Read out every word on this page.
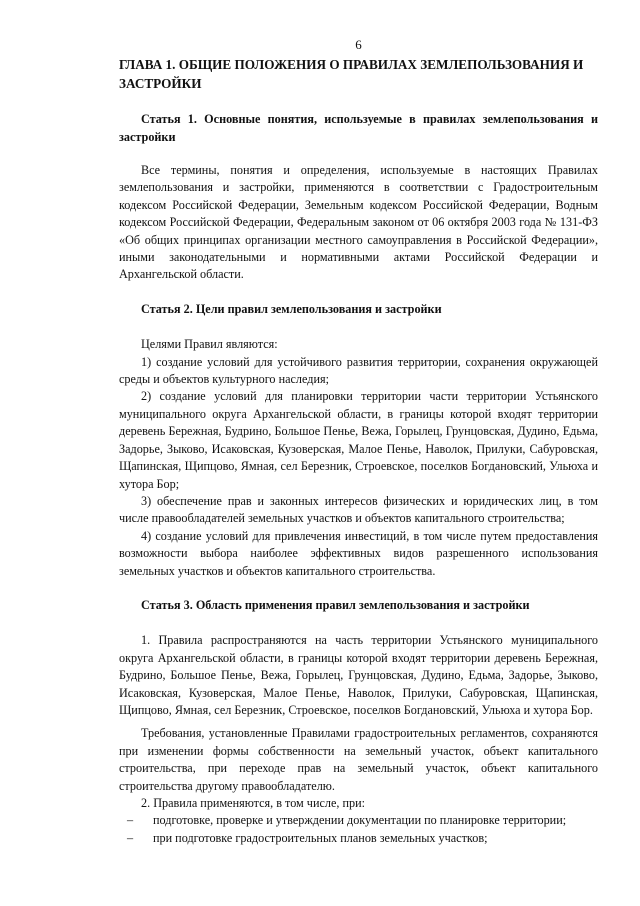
6
ГЛАВА 1. ОБЩИЕ ПОЛОЖЕНИЯ О ПРАВИЛАХ ЗЕМЛЕПОЛЬЗОВАНИЯ И ЗАСТРОЙКИ
Статья 1. Основные понятия, используемые в правилах землепользования и застройки

Все термины, понятия и определения, используемые в настоящих Правилах землепользования и застройки, применяются в соответствии с Градостроительным кодексом Российской Федерации, Земельным кодексом Российской Федерации, Водным кодексом Российской Федерации, Федеральным законом от 06 октября 2003 года № 131-ФЗ «Об общих принципах организации местного самоуправления в Российской Федерации», иными законодательными и нормативными актами Российской Федерации и Архангельской области.

Статья 2. Цели правил землепользования и застройки

Целями Правил являются:

1) создание условий для устойчивого развития территории, сохранения окружающей среды и объектов культурного наследия;

2) создание условий для планировки территории части территории Устьянского муниципального округа Архангельской области, в границы которой входят территории деревень Бережная, Будрино, Большое Пенье, Вежа, Горылец, Грунцовская, Дудино, Едьма, Задорье, Зыково, Исаковская, Кузоверская, Малое Пенье, Наволок, Прилуки, Сабуровская, Щапинская, Щипцово, Ямная, сел Березник, Строевское, поселков Богдановский, Ульюха и хутора Бор;

3) обеспечение прав и законных интересов физических и юридических лиц, в том числе правообладателей земельных участков и объектов капитального строительства;

4) создание условий для привлечения инвестиций, в том числе путем предоставления возможности выбора наиболее эффективных видов разрешенного использования земельных участков и объектов капитального строительства.

Статья 3. Область применения правил землепользования и застройки

1. Правила распространяются на часть территории Устьянского муниципального округа Архангельской области, в границы которой входят территории деревень Бережная, Будрино, Большое Пенье, Вежа, Горылец, Грунцовская, Дудино, Едьма, Задорье, Зыково, Исаковская, Кузоверская, Малое Пенье, Наволок, Прилуки, Сабуровская, Щапинская, Щипцово, Ямная, сел Березник, Строевское, поселков Богдановский, Ульюха и хутора Бор.

Требования, установленные Правилами градостроительных регламентов, сохраняются при изменении формы собственности на земельный участок, объект капитального строительства, при переходе прав на земельный участок, объект капитального строительства другому правообладателю.

2. Правила применяются, в том числе, при:

– подготовке, проверке и утверждении документации по планировке территории;
– при подготовке градостроительных планов земельных участков;
